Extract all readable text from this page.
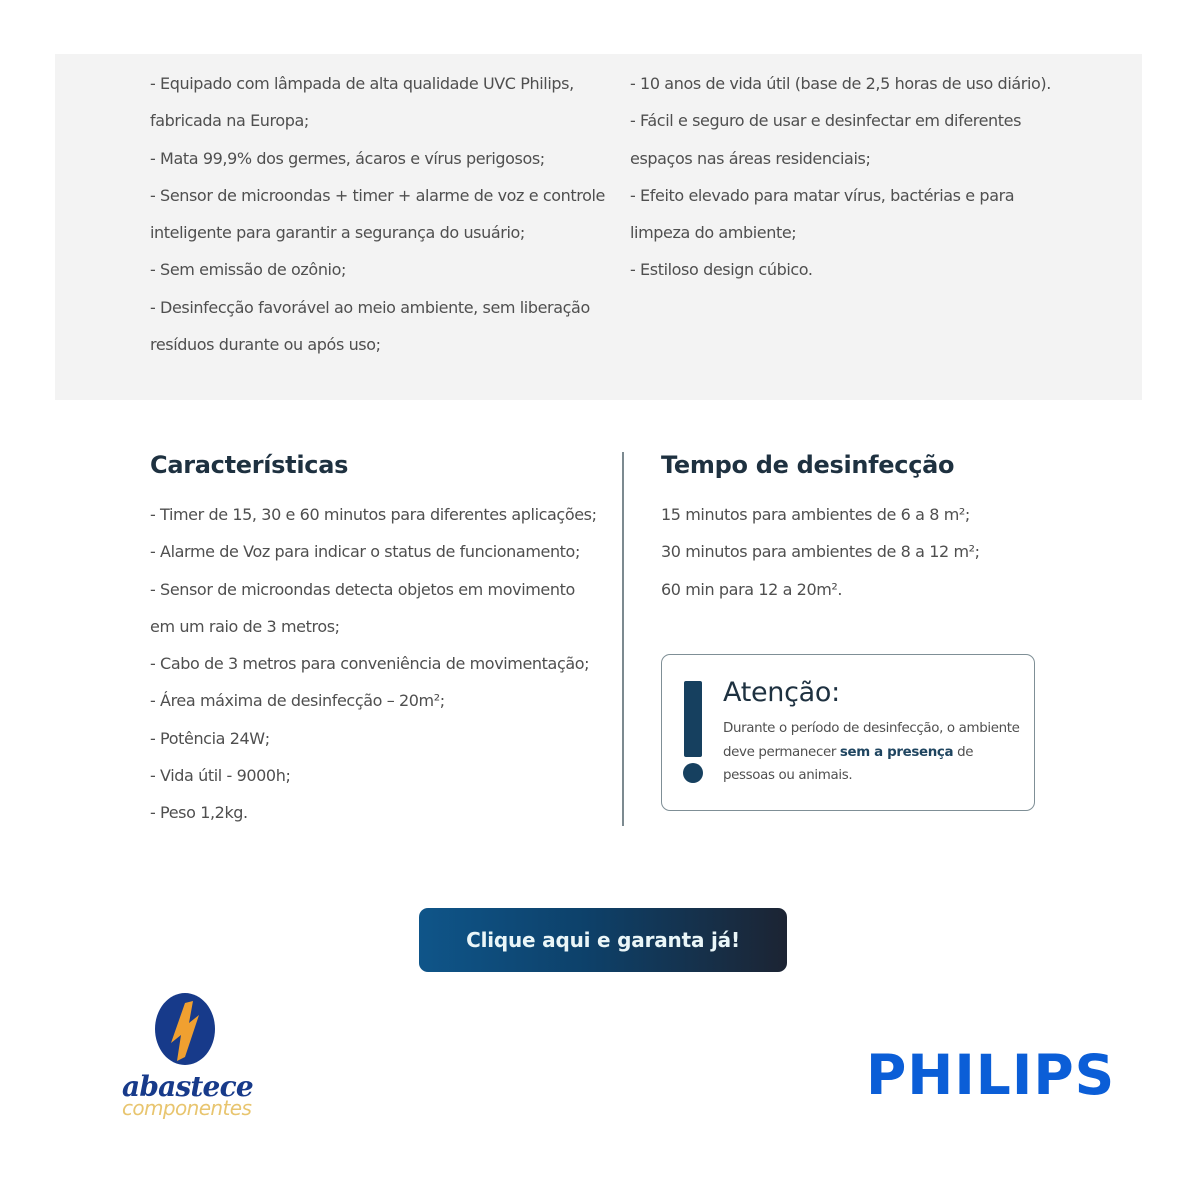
- Equipado com lâmpada de alta qualidade UVC Philips,
fabricada na Europa;
- Mata 99,9% dos germes, ácaros e vírus perigosos;
- Sensor de microondas + timer + alarme de voz e controle
inteligente para garantir a segurança do usuário;
- Sem emissão de ozônio;
- Desinfecção favorável ao meio ambiente, sem liberação
resíduos durante ou após uso;
- 10 anos de vida útil (base de 2,5 horas de uso diário).
- Fácil e seguro de usar e desinfectar em diferentes
espaços nas áreas residenciais;
- Efeito elevado para matar vírus, bactérias e para
limpeza do ambiente;
- Estiloso design cúbico.
Características
- Timer de 15, 30 e 60 minutos para diferentes aplicações;
- Alarme de Voz para indicar o status de funcionamento;
- Sensor de microondas detecta objetos em movimento
em um raio de 3 metros;
- Cabo de 3 metros para conveniência de movimentação;
- Área máxima de desinfecção – 20m²;
- Potência 24W;
- Vida útil - 9000h;
- Peso 1,2kg.
Tempo de desinfecção
15 minutos para ambientes de 6 a 8 m²;
30 minutos para ambientes de 8 a 12 m²;
60 min para 12 a 20m².
Atenção:
Durante o período de desinfecção, o ambiente deve permanecer sem a presença de pessoas ou animais.
Clique aqui e garanta já!
abastece
componentes
PHILIPS
